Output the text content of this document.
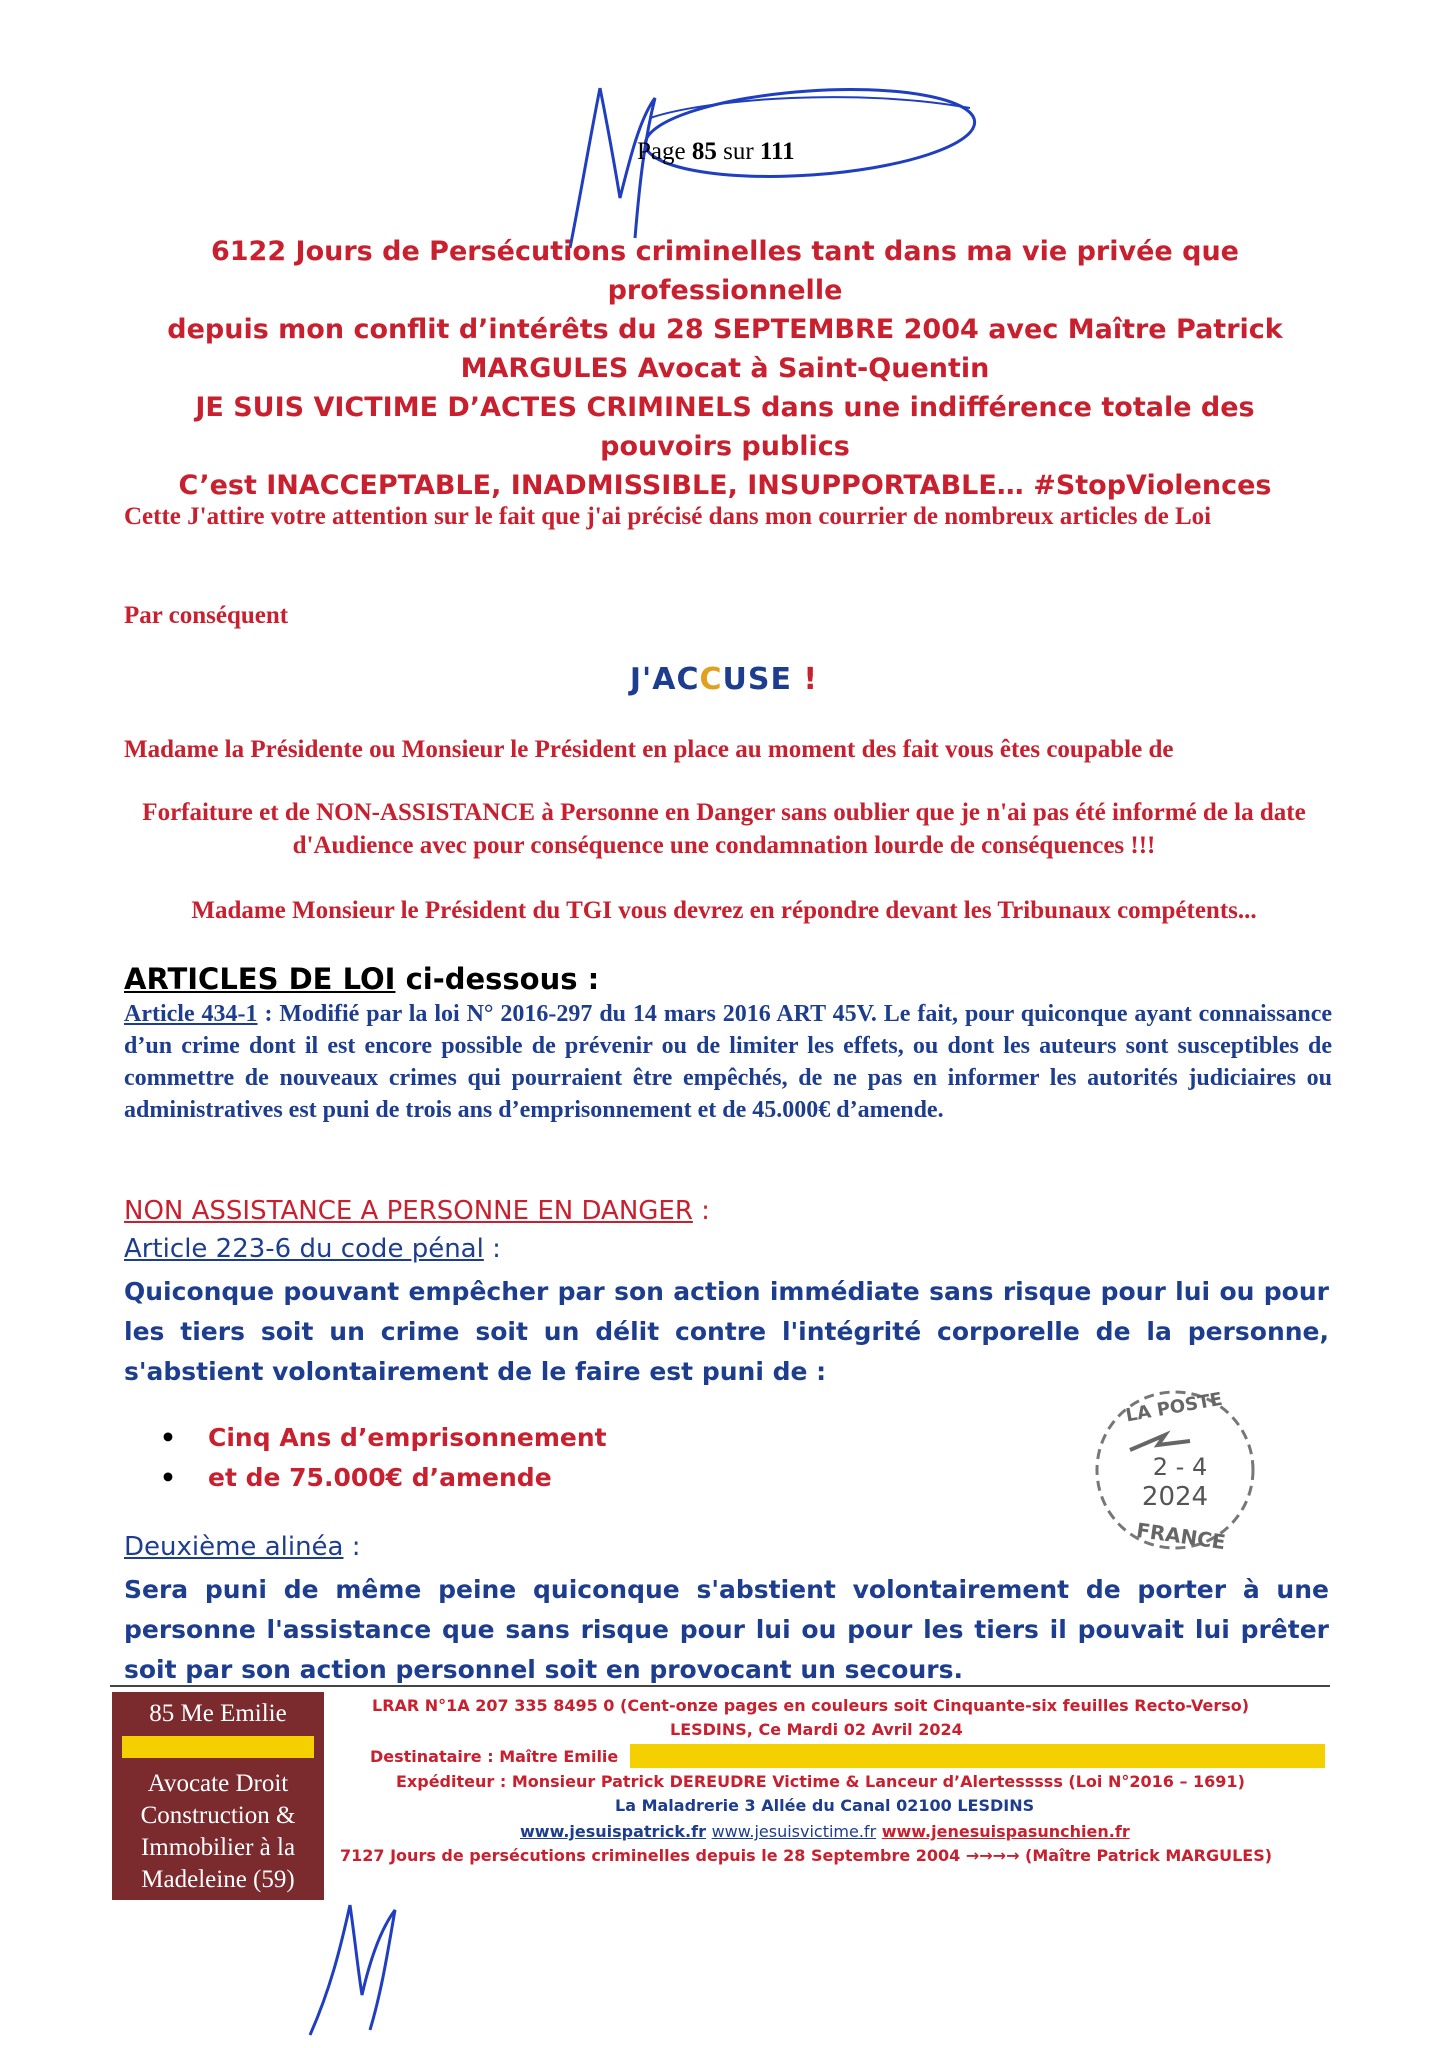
Page 85 sur 111
6122 Jours de Persécutions criminelles tant dans ma vie privée que professionnelle
depuis mon conflit d’intérêts du 28 SEPTEMBRE 2004 avec Maître Patrick
MARGULES Avocat à Saint-Quentin
JE SUIS VICTIME D’ACTES CRIMINELS dans une indifférence totale des
pouvoirs publics
C’est INACCEPTABLE, INADMISSIBLE, INSUPPORTABLE… #StopViolences
Cette J'attire votre attention sur le fait que j'ai précisé dans mon courrier de nombreux articles de Loi
Par conséquent
J'ACCUSE !
Madame la Présidente ou Monsieur le Président en place au moment des fait vous êtes coupable de
Forfaiture et de NON-ASSISTANCE à Personne en Danger sans oublier que je n'ai pas été informé de la date d'Audience avec pour conséquence une condamnation lourde de conséquences !!!
Madame Monsieur le Président du TGI vous devrez en répondre devant les Tribunaux compétents...
ARTICLES DE LOI ci-dessous :
Article 434-1 : Modifié par la loi N° 2016-297 du 14 mars 2016 ART 45V. Le fait, pour quiconque ayant connaissance d’un crime dont il est encore possible de prévenir ou de limiter les effets, ou dont les auteurs sont susceptibles de commettre de nouveaux crimes qui pourraient être empêchés, de ne pas en informer les autorités judiciaires ou administratives est puni de trois ans d’emprisonnement et de 45.000€ d’amende.
NON ASSISTANCE A PERSONNE EN DANGER :
Article 223-6 du code pénal :
Quiconque pouvant empêcher par son action immédiate sans risque pour lui ou pour les tiers soit un crime soit un délit contre l'intégrité corporelle de la personne, s'abstient volontairement de le faire est puni de :
• Cinq Ans d’emprisonnement
• et de 75.000€ d’amende
LA POSTE
2 - 4
2024
FRANCE
Deuxième alinéa :
Sera puni de même peine quiconque s'abstient volontairement de porter à une personne l'assistance que sans risque pour lui ou pour les tiers il pouvait lui prêter soit par son action personnel soit en provocant un secours.
85 Me Emilie
Avocate Droit Construction & Immobilier à la Madeleine (59)
LRAR N°1A 207 335 8495 0 (Cent-onze pages en couleurs soit Cinquante-six feuilles Recto-Verso)
LESDINS, Ce Mardi 02 Avril 2024
Destinataire : Maître Emilie
Expéditeur : Monsieur Patrick DEREUDRE Victime & Lanceur d’Alertesssss (Loi N°2016 – 1691)
La Maladrerie 3 Allée du Canal 02100 LESDINS
www.jesuispatrick.fr www.jesuisvictime.fr www.jenesuispasunchien.fr
7127 Jours de persécutions criminelles depuis le 28 Septembre 2004 →→→→ (Maître Patrick MARGULES)
